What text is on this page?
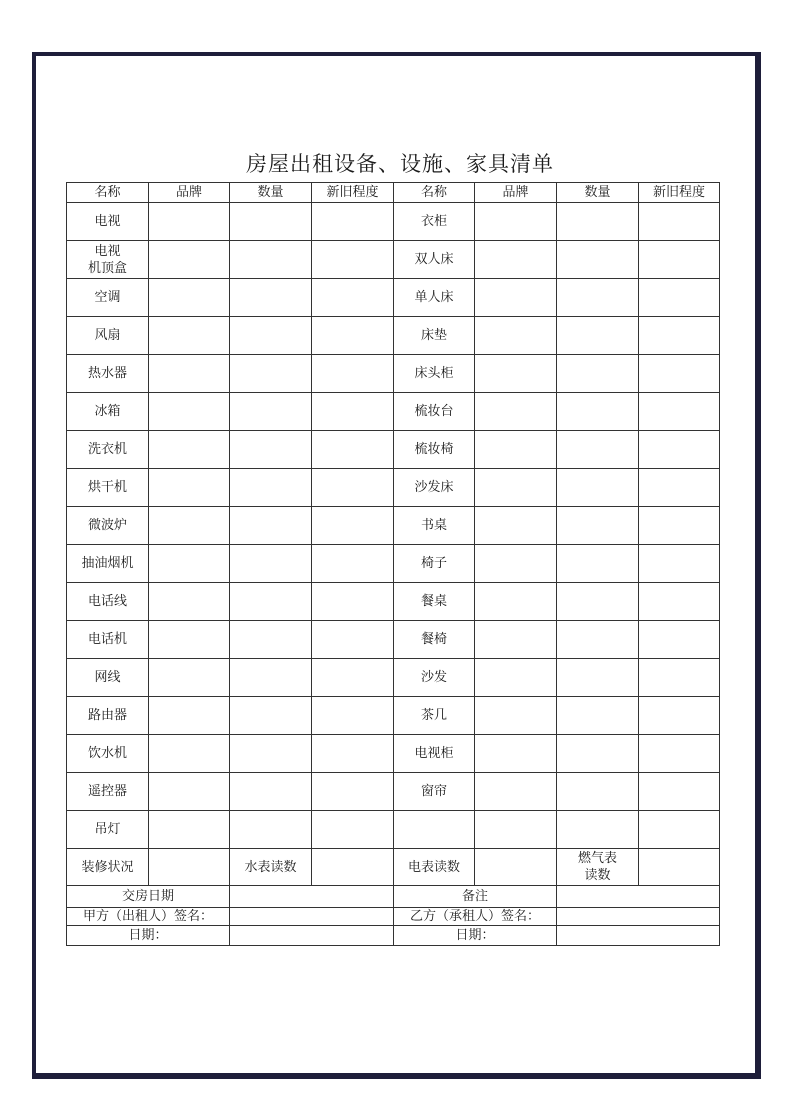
房屋出租设备、设施、家具清单
名称	品牌	数量	新旧程度	名称	品牌	数量	新旧程度

电视				衣柜			

电视
机顶盒				双人床			

空调				单人床			

风扇				床垫			

热水器				床头柜			

冰箱				梳妆台			

洗衣机				梳妆椅			

烘干机				沙发床			

微波炉				书桌			

抽油烟机				椅子			

电话线				餐桌			

电话机				餐椅			

网线				沙发			

路由器				茶几			

饮水机				电视柜			

遥控器				窗帘			

吊灯							

装修状况		水表读数		电表读数		燃气表
读数	

交房日期				备注			
甲方（出租人）签名：				乙方（承租人）签名：			
日期：				日期：			
